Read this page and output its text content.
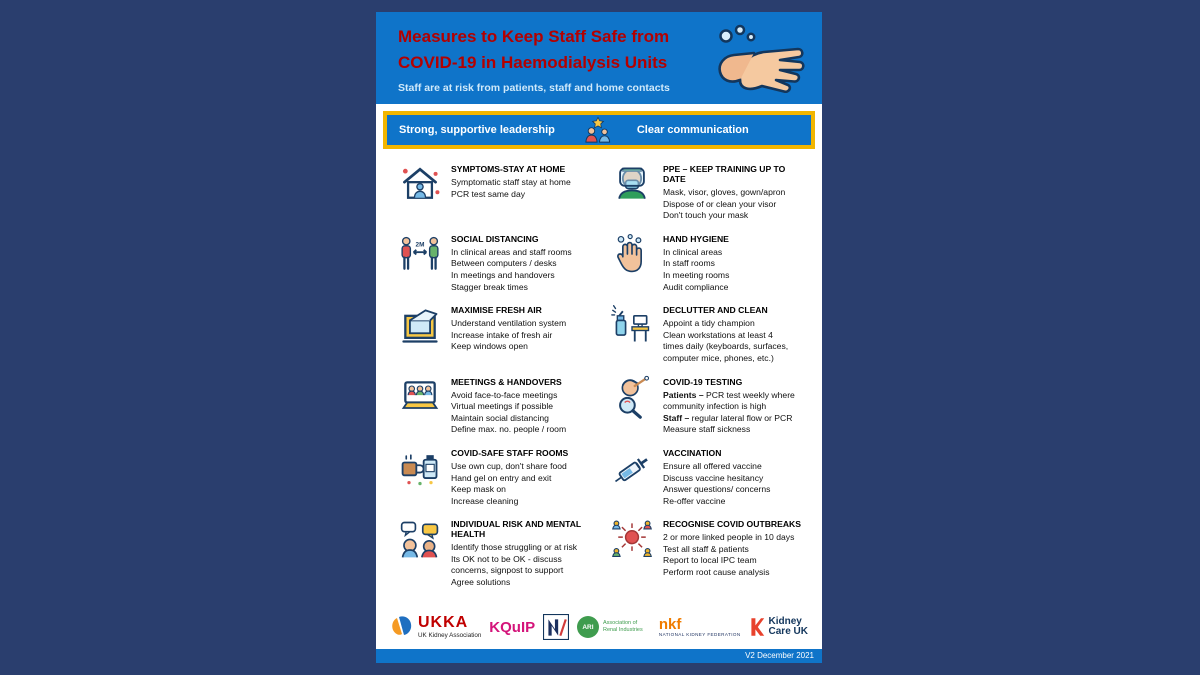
Measures to Keep Staff Safe from
COVID-19 in Haemodialysis Units
Staff are at risk from patients, staff and home contacts
Strong, supportive leadership	Clear communication
SYMPTOMS-STAY AT HOME
Symptomatic staff stay at home
PCR test same day
PPE – KEEP TRAINING UP TO DATE
Mask, visor, gloves, gown/apron
Dispose of or clean your visor
Don't touch your mask
2M
SOCIAL DISTANCING
In clinical areas and staff rooms
Between computers / desks
In meetings and handovers
Stagger break times
HAND HYGIENE
In clinical areas
In staff rooms
In meeting rooms
Audit compliance
MAXIMISE FRESH AIR
Understand ventilation system
Increase intake of fresh air
Keep windows open
DECLUTTER AND CLEAN
Appoint a tidy champion
Clean workstations at least 4
times daily (keyboards, surfaces,
computer mice, phones, etc.)
MEETINGS & HANDOVERS
Avoid face-to-face meetings
Virtual meetings if possible
Maintain social distancing
Define max. no. people / room
COVID-19 TESTING
Patients – PCR test weekly where
community infection is high
Staff – regular lateral flow or PCR
Measure staff sickness
COVID-SAFE STAFF ROOMS
Use own cup, don't share food
Hand gel on entry and exit
Keep mask on
Increase cleaning
VACCINATION
Ensure all offered vaccine
Discuss vaccine hesitancy
Answer questions/ concerns
Re-offer vaccine
INDIVIDUAL RISK AND MENTAL HEALTH
Identify those struggling or at risk
Its OK not to be OK - discuss
concerns, signpost to support
Agree solutions
RECOGNISE COVID OUTBREAKS
2 or more linked people in 10 days
Test all staff & patients
Report to local IPC team
Perform root cause analysis
UKKA
UK Kidney Association KQuIP	ARI
Association of Renal Industries	nkf
NATIONAL KIDNEY FEDERATION
Kidney
Care UK
V2 December 2021
